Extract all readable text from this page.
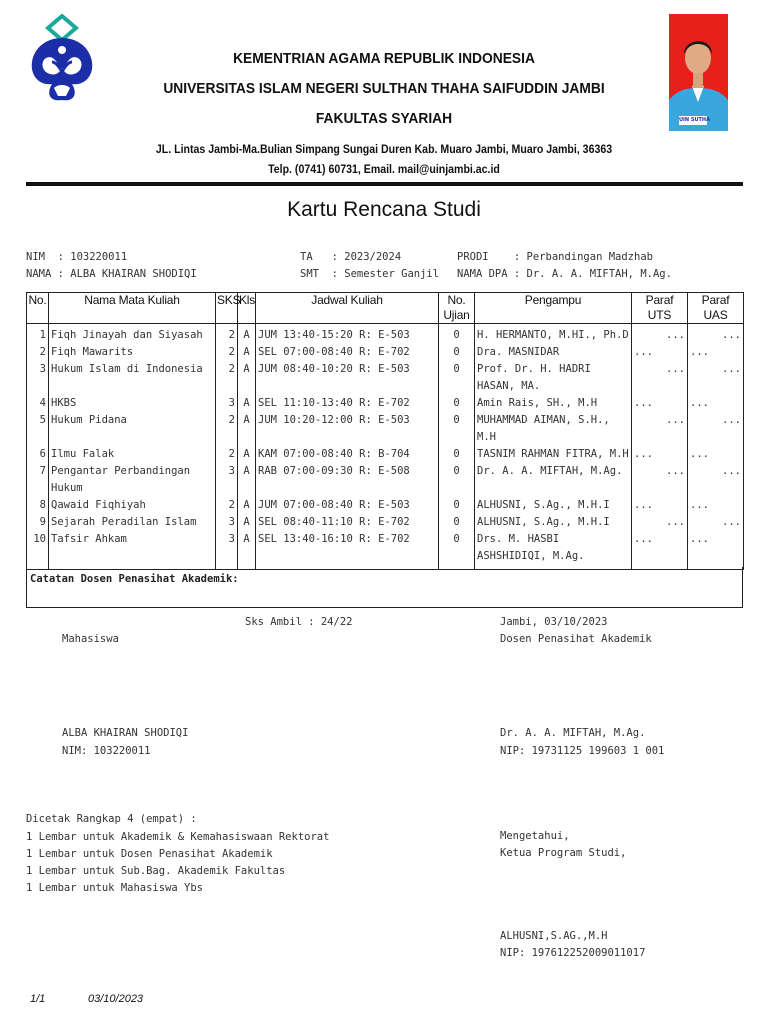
KEMENTRIAN AGAMA REPUBLIK INDONESIA
UNIVERSITAS ISLAM NEGERI SULTHAN THAHA SAIFUDDIN JAMBI
FAKULTAS SYARIAH
JL. Lintas Jambi-Ma.Bulian Simpang Sungai Duren Kab. Muaro Jambi, Muaro Jambi, 36363
Telp. (0741) 60731, Email. mail@uinjambi.ac.id
UIN SUTHA
Kartu Rencana Studi
NIM  : 103220011
NAMA : ALBA KHAIRAN SHODIQI
TA   : 2023/2024
SMT  : Semester Ganjil
PRODI    : Perbandingan Madzhab
NAMA DPA : Dr. A. A. MIFTAH, M.Ag.
No.	Nama Mata Kuliah	SKS	Kls	Jadwal Kuliah	No. Ujian	Pengampu	Paraf UTS	Paraf UAS
1	Fiqh Jinayah dan Siyasah	2	A	JUM 13:40-15:20 R: E-503	0	H. HERMANTO, M.HI., Ph.D	...	...

2	Fiqh Mawarits	2	A	SEL 07:00-08:40 R: E-702	0	Dra. MASNIDAR	...	...

3	Hukum Islam di Indonesia	2	A	JUM 08:40-10:20 R: E-503	0	Prof. Dr. H. HADRI HASAN, MA.	...	...

4	HKBS	3	A	SEL 11:10-13:40 R: E-702	0	Amin Rais, SH., M.H	...	...

5	Hukum Pidana	2	A	JUM 10:20-12:00 R: E-503	0	MUHAMMAD AIMAN, S.H., M.H	...	...

6	Ilmu Falak	2	A	KAM 07:00-08:40 R: B-704	0	TASNIM RAHMAN FITRA, M.H	...	...

7	Pengantar Perbandingan Hukum	3	A	RAB 07:00-09:30 R: E-508	0	Dr. A. A. MIFTAH, M.Ag.	...	...

8	Qawaid Fiqhiyah	2	A	JUM 07:00-08:40 R: E-503	0	ALHUSNI, S.Ag., M.H.I	...	...

9	Sejarah Peradilan Islam	3	A	SEL 08:40-11:10 R: E-702	0	ALHUSNI, S.Ag., M.H.I	...	...

10	Tafsir Ahkam	3	A	SEL 13:40-16:10 R: E-702	0	Drs. M. HASBI ASHSHIDIQI, M.Ag.	...	...
Catatan Dosen Penasihat Akademik:
Sks Ambil : 24/22	Jambi, 03/10/2023
Mahasiswa	Dosen Penasihat Akademik
ALBA KHAIRAN SHODIQI
NIM: 103220011
Dr. A. A. MIFTAH, M.Ag.
NIP: 19731125 199603 1 001
Dicetak Rangkap 4 (empat) :
1 Lembar untuk Akademik & Kemahasiswaan Rektorat
1 Lembar untuk Dosen Penasihat Akademik
1 Lembar untuk Sub.Bag. Akademik Fakultas
1 Lembar untuk Mahasiswa Ybs
Mengetahui,
Ketua Program Studi,
ALHUSNI,S.AG.,M.H
NIP: 197612252009011017
1/1	03/10/2023
